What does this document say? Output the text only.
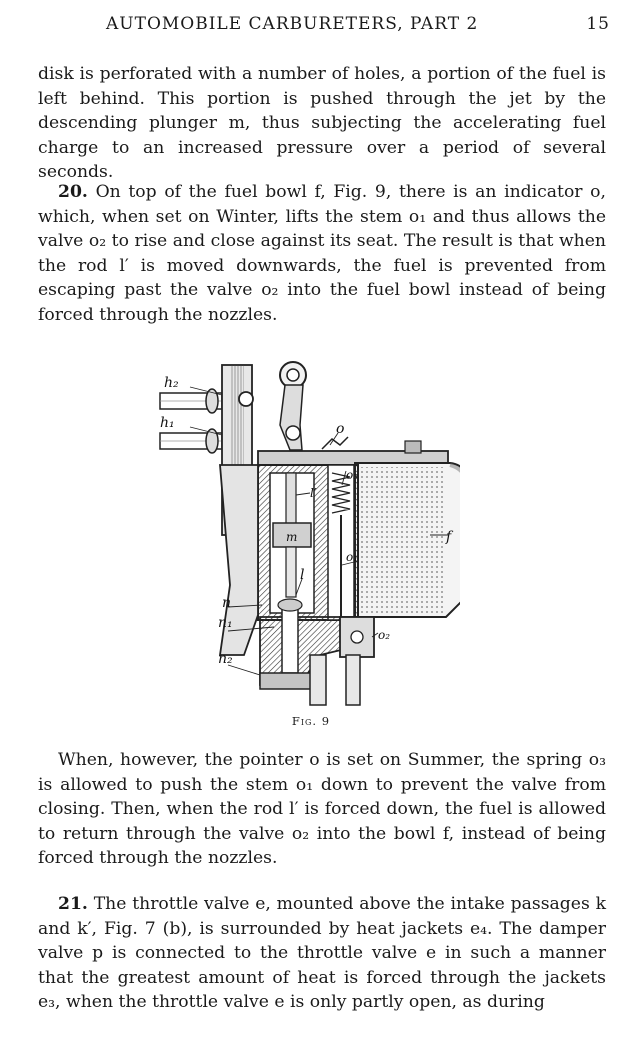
AUTOMOBILE CARBURETERS, PART 2	15
disk is perforated with a number of holes, a portion of the fuel is left behind. This portion is pushed through the jet by the descending plunger m, thus subjecting the accelerating fuel charge to an increased pressure over a period of several seconds.
20. On top of the fuel bowl f, Fig. 9, there is an indicator o, which, when set on Winter, lifts the stem o₁ and thus allows the valve o₂ to rise and close against its seat. The result is that when the rod l′ is moved downwards, the fuel is prevented from escaping past the valve o₂ into the fuel bowl instead of being forced through the nozzles.
h₂
h₁	o
o₃
l′
m
o₁
f
l
n
n₁
o₂
n₂
Fig. 9
When, however, the pointer o is set on Summer, the spring o₃ is allowed to push the stem o₁ down to prevent the valve from closing. Then, when the rod l′ is forced down, the fuel is allowed to return through the valve o₂ into the bowl f, instead of being forced through the nozzles.
21. The throttle valve e, mounted above the intake passages k and k′, Fig. 7 (b), is surrounded by heat jackets e₄. The damper valve p is connected to the throttle valve e in such a manner that the greatest amount of heat is forced through the jackets e₃, when the throttle valve e is only partly open, as during
